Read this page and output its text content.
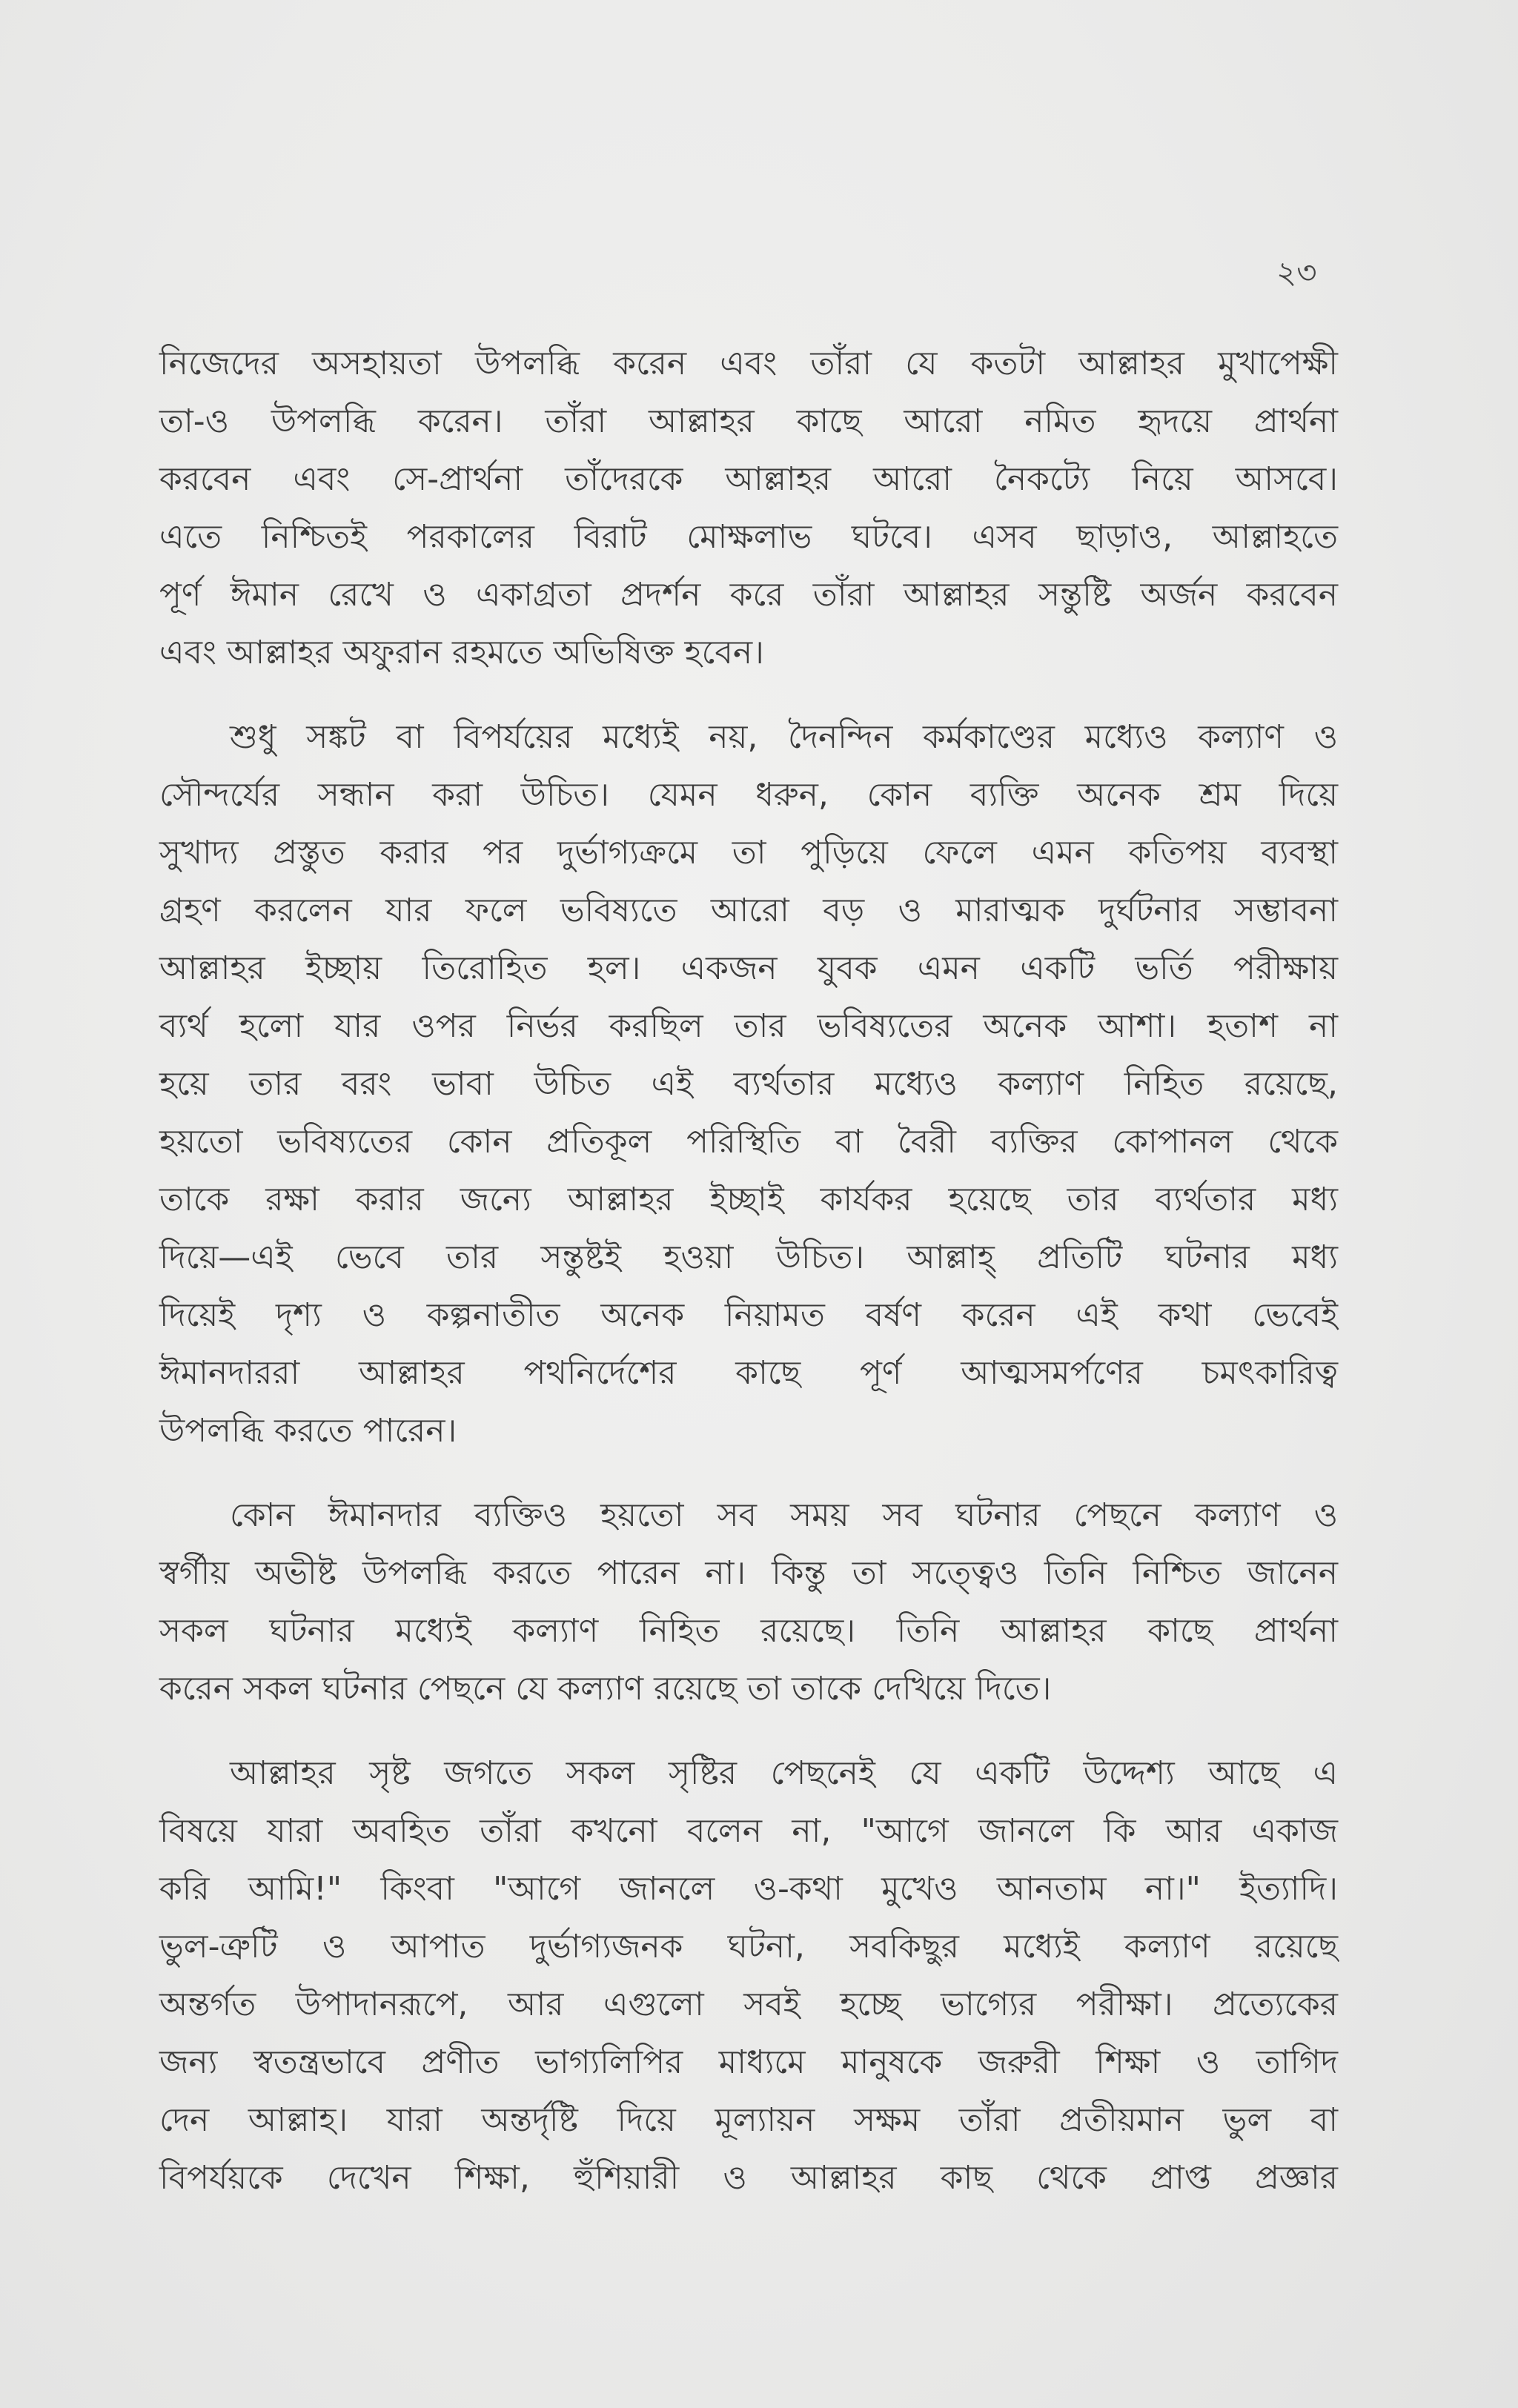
২৩
নিজেদের অসহায়তা উপলব্ধি করেন এবং তাঁরা যে কতটা আল্লাহর মুখাপেক্ষী
তা-ও উপলব্ধি করেন। তাঁরা আল্লাহর কাছে আরো নমিত হৃদয়ে প্রার্থনা
করবেন এবং সে-প্রার্থনা তাঁদেরকে আল্লাহর আরো নৈকট্যে নিয়ে আসবে।
এতে নিশ্চিতই পরকালের বিরাট মোক্ষলাভ ঘটবে। এসব ছাড়াও, আল্লাহতে
পূর্ণ ঈমান রেখে ও একাগ্রতা প্রদর্শন করে তাঁরা আল্লাহর সন্তুষ্টি অর্জন করবেন
এবং আল্লাহর অফুরান রহমতে অভিষিক্ত হবেন।
শুধু সঙ্কট বা বিপর্যয়ের মধ্যেই নয়, দৈনন্দিন কর্মকাণ্ডের মধ্যেও কল্যাণ ও
সৌন্দর্যের সন্ধান করা উচিত। যেমন ধরুন, কোন ব্যক্তি অনেক শ্রম দিয়ে
সুখাদ্য প্রস্তুত করার পর দুর্ভাগ্যক্রমে তা পুড়িয়ে ফেলে এমন কতিপয় ব্যবস্থা
গ্রহণ করলেন যার ফলে ভবিষ্যতে আরো বড় ও মারাত্মক দুর্ঘটনার সম্ভাবনা
আল্লাহর ইচ্ছায় তিরোহিত হল। একজন যুবক এমন একটি ভর্তি পরীক্ষায়
ব্যর্থ হলো যার ওপর নির্ভর করছিল তার ভবিষ্যতের অনেক আশা। হতাশ না
হয়ে তার বরং ভাবা উচিত এই ব্যর্থতার মধ্যেও কল্যাণ নিহিত রয়েছে,
হয়তো ভবিষ্যতের কোন প্রতিকূল পরিস্থিতি বা বৈরী ব্যক্তির কোপানল থেকে
তাকে রক্ষা করার জন্যে আল্লাহর ইচ্ছাই কার্যকর হয়েছে তার ব্যর্থতার মধ্য
দিয়ে—এই ভেবে তার সন্তুষ্টই হওয়া উচিত। আল্লাহ্ প্রতিটি ঘটনার মধ্য
দিয়েই দৃশ্য ও কল্পনাতীত অনেক নিয়ামত বর্ষণ করেন এই কথা ভেবেই
ঈমানদাররা আল্লাহর পথনির্দেশের কাছে পূর্ণ আত্মসমর্পণের চমৎকারিত্ব
উপলব্ধি করতে পারেন।
কোন ঈমানদার ব্যক্তিও হয়তো সব সময় সব ঘটনার পেছনে কল্যাণ ও
স্বর্গীয় অভীষ্ট উপলব্ধি করতে পারেন না। কিন্তু তা সত্ত্বেও তিনি নিশ্চিত জানেন
সকল ঘটনার মধ্যেই কল্যাণ নিহিত রয়েছে। তিনি আল্লাহর কাছে প্রার্থনা
করেন সকল ঘটনার পেছনে যে কল্যাণ রয়েছে তা তাকে দেখিয়ে দিতে।
আল্লাহর সৃষ্ট জগতে সকল সৃষ্টির পেছনেই যে একটি উদ্দেশ্য আছে এ
বিষয়ে যারা অবহিত তাঁরা কখনো বলেন না, "আগে জানলে কি আর একাজ
করি আমি!" কিংবা "আগে জানলে ও-কথা মুখেও আনতাম না।" ইত্যাদি।
ভুল-ত্রুটি ও আপাত দুর্ভাগ্যজনক ঘটনা, সবকিছুর মধ্যেই কল্যাণ রয়েছে
অন্তর্গত উপাদানরূপে, আর এগুলো সবই হচ্ছে ভাগ্যের পরীক্ষা। প্রত্যেকের
জন্য স্বতন্ত্রভাবে প্রণীত ভাগ্যলিপির মাধ্যমে মানুষকে জরুরী শিক্ষা ও তাগিদ
দেন আল্লাহ। যারা অন্তর্দৃষ্টি দিয়ে মূল্যায়ন সক্ষম তাঁরা প্রতীয়মান ভুল বা
বিপর্যয়কে দেখেন শিক্ষা, হুঁশিয়ারী ও আল্লাহর কাছ থেকে প্রাপ্ত প্রজ্ঞার
